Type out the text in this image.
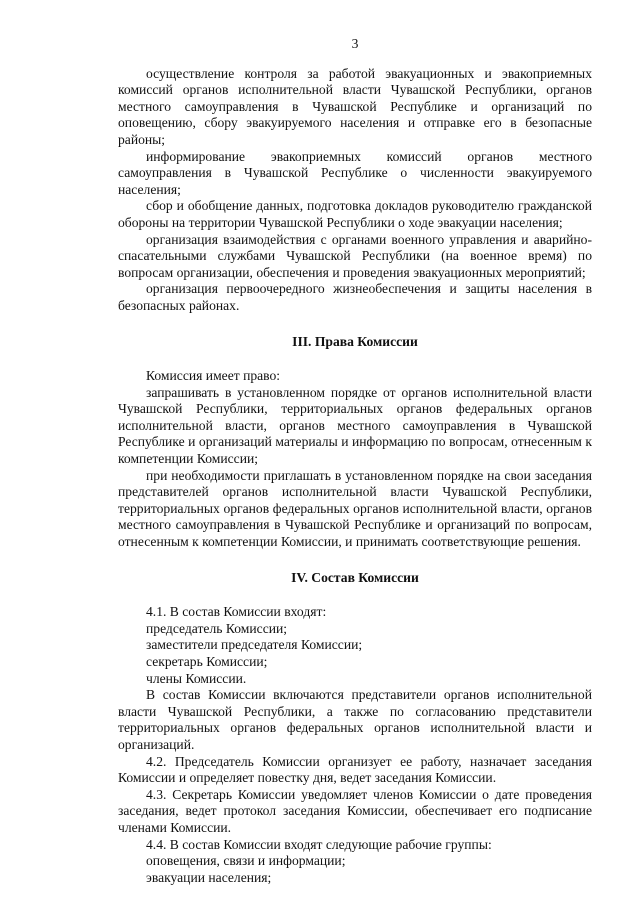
3

осуществление контроля за работой эвакуационных и эвакоприемных комиссий органов исполнительной власти Чувашской Республики, органов местного самоуправления в Чувашской Республике и организаций по оповещению, сбору эвакуируемого населения и отправке его в безопасные районы;

информирование эвакоприемных комиссий органов местного самоуправления в Чувашской Республике о численности эвакуируемого населения;

сбор и обобщение данных, подготовка докладов руководителю гражданской обороны на территории Чувашской Республики о ходе эвакуации населения;

организация взаимодействия с органами военного управления и аварийно-спасательными службами Чувашской Республики (на военное время) по вопросам организации, обеспечения и проведения эвакуационных мероприятий;

организация первоочередного жизнеобеспечения и защиты населения в безопасных районах.

III. Права Комиссии

Комиссия имеет право:

запрашивать в установленном порядке от органов исполнительной власти Чувашской Республики, территориальных органов федеральных органов исполнительной власти, органов местного самоуправления в Чувашской Республике и организаций материалы и информацию по вопросам, отнесенным к компетенции Комиссии;

при необходимости приглашать в установленном порядке на свои заседания представителей органов исполнительной власти Чувашской Республики, территориальных органов федеральных органов исполнительной власти, органов местного самоуправления в Чувашской Республике и организаций по вопросам, отнесенным к компетенции Комиссии, и принимать соответствующие решения.

IV. Состав Комиссии

4.1. В состав Комиссии входят:

председатель Комиссии;

заместители председателя Комиссии;

секретарь Комиссии;

члены Комиссии.

В состав Комиссии включаются представители органов исполнительной власти Чувашской Республики, а также по согласованию представители территориальных органов федеральных органов исполнительной власти и организаций.

4.2. Председатель Комиссии организует ее работу, назначает заседания Комиссии и определяет повестку дня, ведет заседания Комиссии.

4.3. Секретарь Комиссии уведомляет членов Комиссии о дате проведения заседания, ведет протокол заседания Комиссии, обеспечивает его подписание членами Комиссии.

4.4. В состав Комиссии входят следующие рабочие группы:

оповещения, связи и информации;

эвакуации населения;
